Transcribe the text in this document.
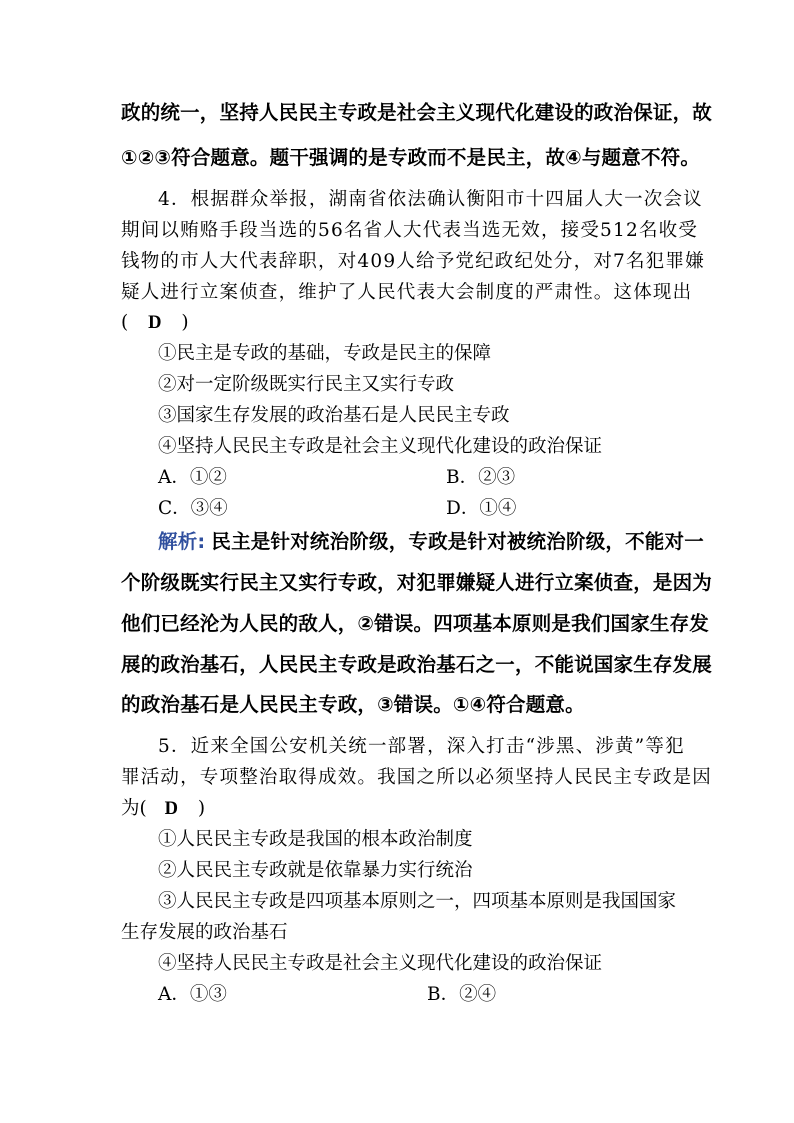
政的统一，坚持人民民主专政是社会主义现代化建设的政治保证，故
①②③符合题意。题干强调的是专政而不是民主，故④与题意不符。
4．根据群众举报，湖南省依法确认衡阳市十四届人大一次会议
期间以贿赂手段当选的56名省人大代表当选无效，接受512名收受
钱物的市人大代表辞职，对409人给予党纪政纪处分，对7名犯罪嫌
疑人进行立案侦查，维护了人民代表大会制度的严肃性。这体现出
( D )
①民主是专政的基础，专政是民主的保障
②对一定阶级既实行民主又实行专政
③国家生存发展的政治基石是人民民主专政
④坚持人民民主专政是社会主义现代化建设的政治保证
A．①②	B．②③
C．③④	D．①④
解析: 民主是针对统治阶级，专政是针对被统治阶级，不能对一
个阶级既实行民主又实行专政，对犯罪嫌疑人进行立案侦查，是因为
他们已经沦为人民的敌人，②错误。四项基本原则是我们国家生存发
展的政治基石，人民民主专政是政治基石之一，不能说国家生存发展
的政治基石是人民民主专政，③错误。①④符合题意。
5．近来全国公安机关统一部署，深入打击“涉黑、涉黄”等犯
罪活动，专项整治取得成效。我国之所以必须坚持人民民主专政是因
为( D )
①人民民主专政是我国的根本政治制度
②人民民主专政就是依靠暴力实行统治
③人民民主专政是四项基本原则之一，四项基本原则是我国国家
生存发展的政治基石
④坚持人民民主专政是社会主义现代化建设的政治保证
A．①③	B．②④
